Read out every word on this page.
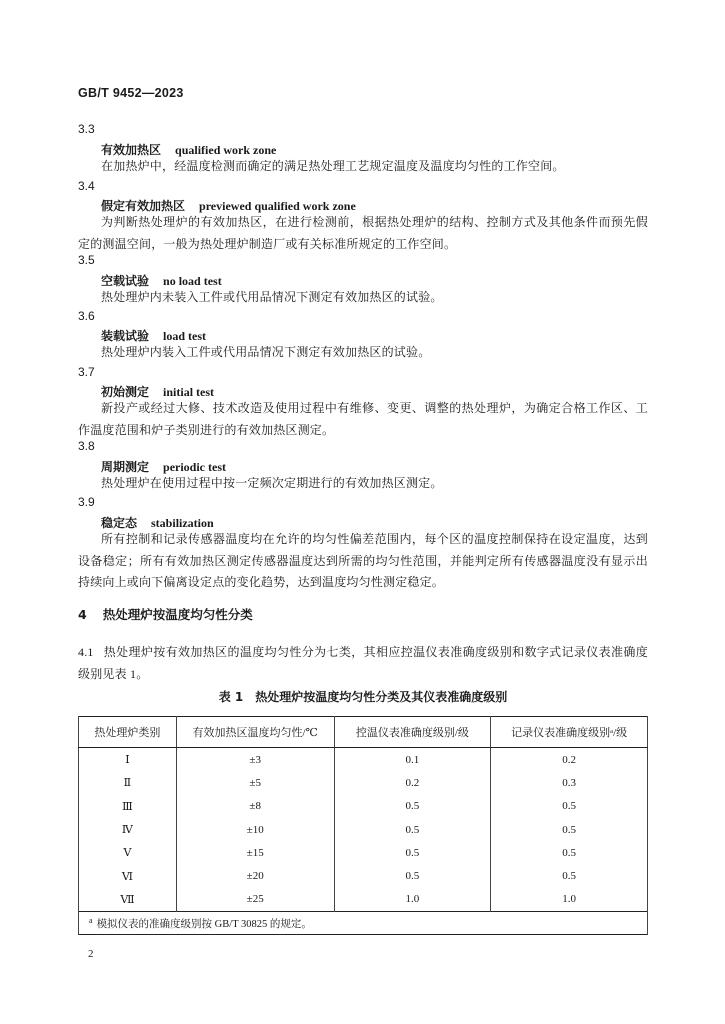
GB/T 9452—2023
3.3
有效加热区 qualified work zone
在加热炉中，经温度检测而确定的满足热处理工艺规定温度及温度均匀性的工作空间。
3.4
假定有效加热区 previewed qualified work zone
为判断热处理炉的有效加热区，在进行检测前，根据热处理炉的结构、控制方式及其他条件而预先假定的测温空间，一般为热处理炉制造厂或有关标准所规定的工作空间。
3.5
空载试验 no load test
热处理炉内未装入工件或代用品情况下测定有效加热区的试验。
3.6
装载试验 load test
热处理炉内装入工件或代用品情况下测定有效加热区的试验。
3.7
初始测定 initial test
新投产或经过大修、技术改造及使用过程中有维修、变更、调整的热处理炉，为确定合格工作区、工作温度范围和炉子类别进行的有效加热区测定。
3.8
周期测定 periodic test
热处理炉在使用过程中按一定频次定期进行的有效加热区测定。
3.9
稳定态 stabilization
所有控制和记录传感器温度均在允许的均匀性偏差范围内，每个区的温度控制保持在设定温度，达到设备稳定；所有有效加热区测定传感器温度达到所需的均匀性范围，并能判定所有传感器温度没有显示出持续向上或向下偏离设定点的变化趋势，达到温度均匀性测定稳定。
4 热处理炉按温度均匀性分类
4.1 热处理炉按有效加热区的温度均匀性分为七类，其相应控温仪表准确度级别和数字式记录仪表准确度级别见表 1。
表 1 热处理炉按温度均匀性分类及其仪表准确度级别
热处理炉类别	有效加热区温度均匀性/℃	控温仪表准确度级别/级	记录仪表准确度级别ᵃ/级
Ⅰ	±3	0.1	0.2
Ⅱ	±5	0.2	0.3
Ⅲ	±8	0.5	0.5
Ⅳ	±10	0.5	0.5
Ⅴ	±15	0.5	0.5
Ⅵ	±20	0.5	0.5
Ⅶ	±25	1.0	1.0
$^a$ 模拟仪表的准确度级别按 GB/T 30825 的规定。			
2
